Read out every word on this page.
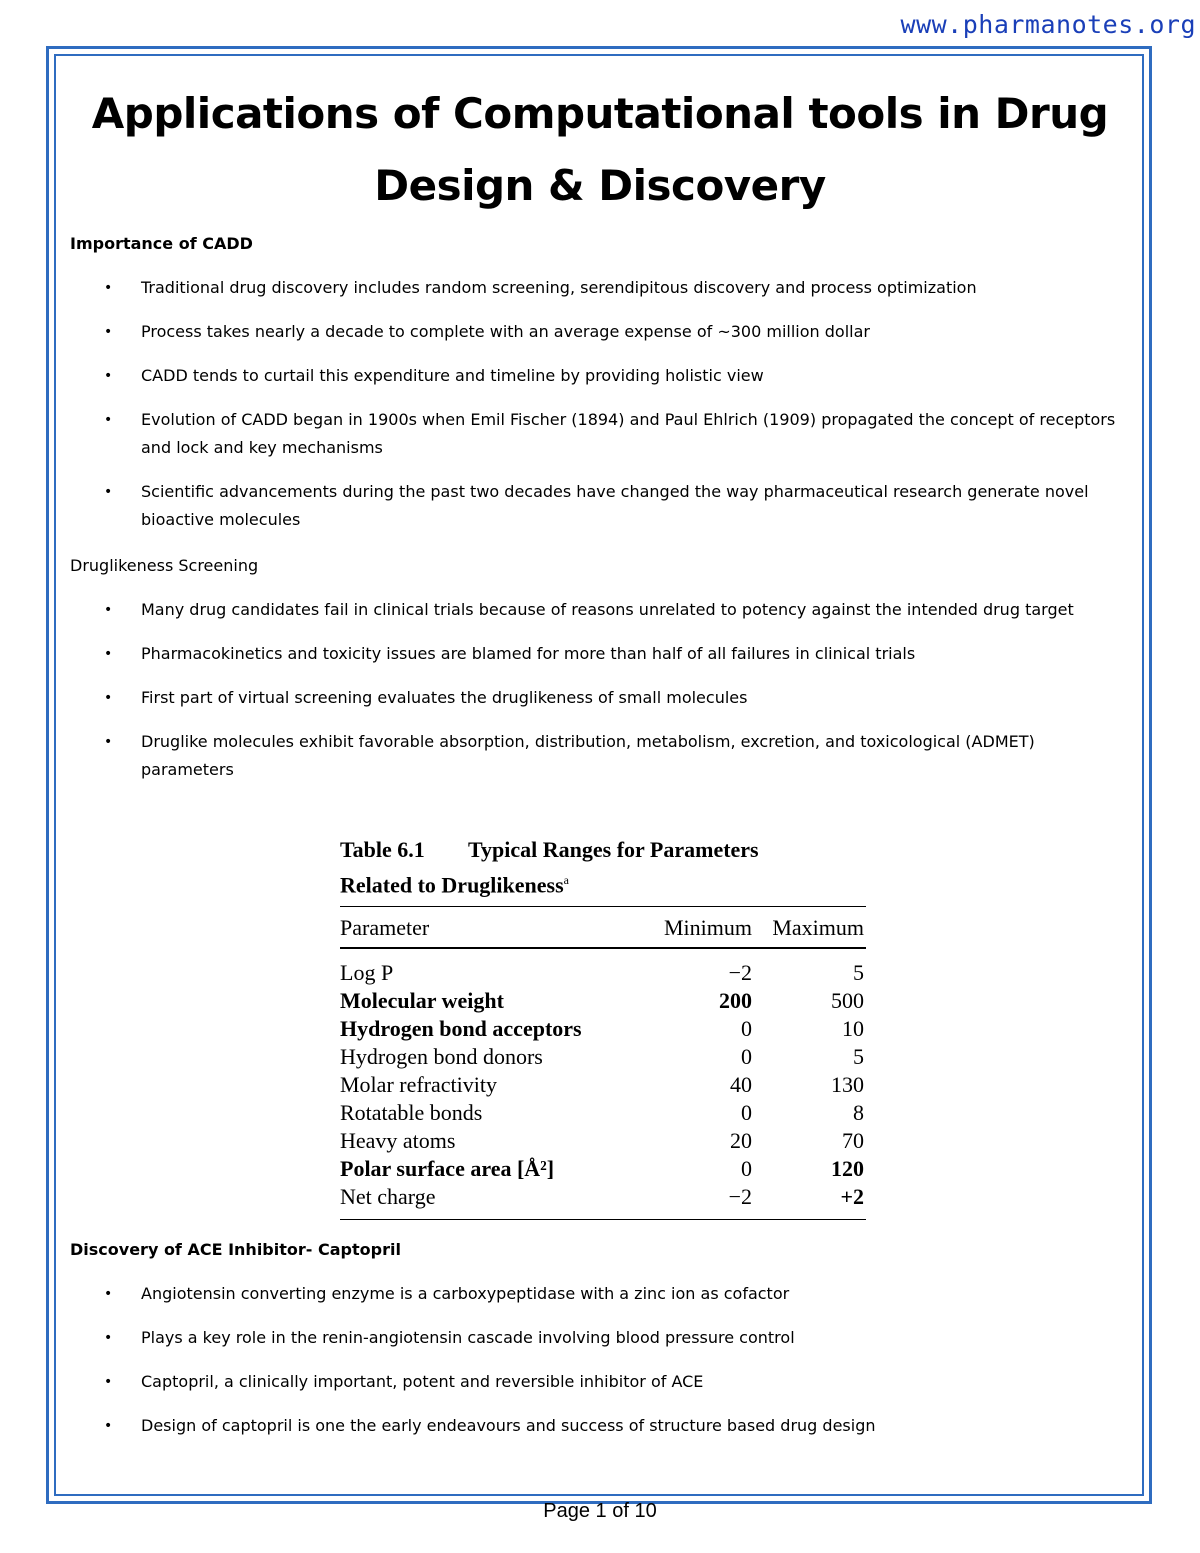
www.pharmanotes.org
Applications of Computational tools in Drug
Design & Discovery
Importance of CADD
• Traditional drug discovery includes random screening, serendipitous discovery and process optimization
• Process takes nearly a decade to complete with an average expense of ~300 million dollar
• CADD tends to curtail this expenditure and timeline by providing holistic view
• Evolution of CADD began in 1900s when Emil Fischer (1894) and Paul Ehlrich (1909) propagated the concept of receptors and lock and key mechanisms
• Scientific advancements during the past two decades have changed the way pharmaceutical research generate novel bioactive molecules
Druglikeness Screening
• Many drug candidates fail in clinical trials because of reasons unrelated to potency against the intended drug target
• Pharmacokinetics and toxicity issues are blamed for more than half of all failures in clinical trials
• First part of virtual screening evaluates the druglikeness of small molecules
• Druglike molecules exhibit favorable absorption, distribution, metabolism, excretion, and toxicological (ADMET) parameters
Table 6.1 Typical Ranges for Parameters
Related to Druglikeness$^a$
Parameter	Minimum	Maximum
Log P	−2	5
Molecular weight	200	500
Hydrogen bond acceptors	0	10
Hydrogen bond donors	0	5
Molar refractivity	40	130
Rotatable bonds	0	8
Heavy atoms	20	70
Polar surface area [Å²]	0	120
Net charge	−2	+2
Discovery of ACE Inhibitor- Captopril
• Angiotensin converting enzyme is a carboxypeptidase with a zinc ion as cofactor
• Plays a key role in the renin-angiotensin cascade involving blood pressure control
• Captopril, a clinically important, potent and reversible inhibitor of ACE
• Design of captopril is one the early endeavours and success of structure based drug design
Page 1 of 10
